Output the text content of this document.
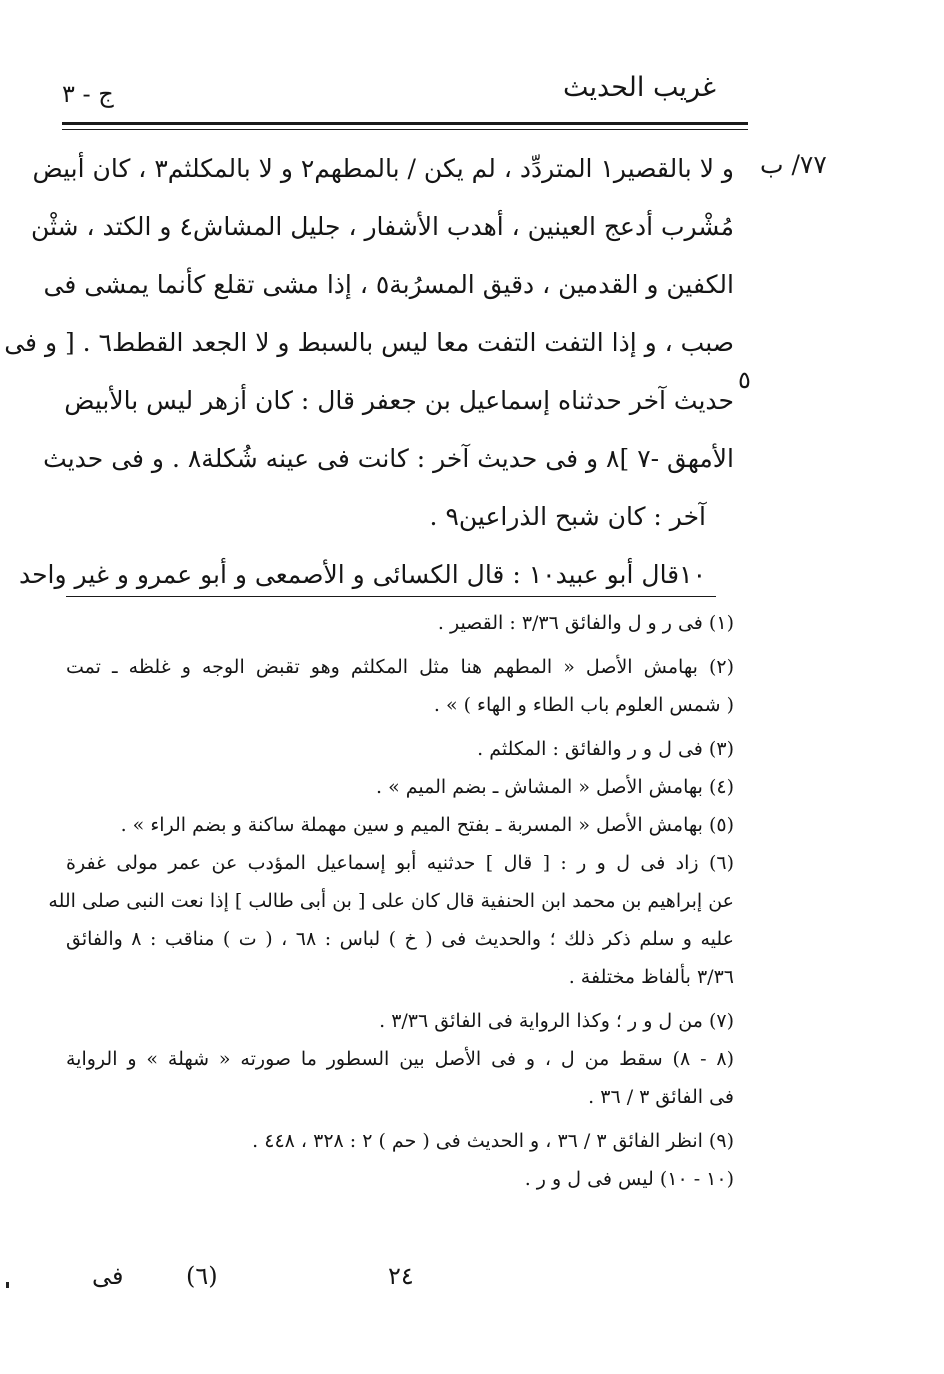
غريب الحديث
ج - ٣
٧٧/ ب
٥
و لا بالقصير١ المتردِّد ، لم يكن / بالمطهم٢ و لا بالمكلثم٣ ، كان أبيض
مُشْرب أدعج العينين ، أهدب الأشفار ، جليل المشاش٤ و الكتد ، شثْن
الكفين و القدمين ، دقيق المسرُبة٥ ، إذا مشى تقلع كأنما يمشى فى
صبب ، و إذا التفت التفت معا ليس بالسبط و لا الجعد القطط٦ . [ و فى
حديث آخر حدثناه إسماعيل بن جعفر قال : كان أزهر ليس بالأبيض
الأمهق -٧ ]٨ و فى حديث آخر : كانت فى عينه شُكلة٨ . و فى حديث
آخر : كان شبح الذراعين٩ .
١٠قال أبو عبيد١٠ : قال الكسائى و الأصمعى و أبو عمرو و غير واحد
(١) فى ر و ل والفائق ٣/٣٦ : القصير .
(٢) بهامش الأصل « المطهم هنا مثل المكلثم وهو تقبض الوجه و غلظه ـ تمت
( شمس العلوم باب الطاء و الهاء ) » .
(٣) فى ل و ر والفائق : المكلثم .
(٤) بهامش الأصل « المشاش ـ بضم الميم » .
(٥) بهامش الأصل « المسربة ـ بفتح الميم و سين مهملة ساكنة و بضم الراء » .
(٦) زاد فى ل و ر : [ قال ] حدثنيه أبو إسماعيل المؤدب عن عمر مولى غفرة
عن إبراهيم بن محمد ابن الحنفية قال كان على [ بن أبى طالب ] إذا نعت النبى صلى الله
عليه و سلم ذكر ذلك ؛ والحديث فى ( خ ) لباس : ٦٨ ، ( ت ) مناقب : ٨ والفائق
٣/٣٦ بألفاظ مختلفة .
(٧) من ل و ر ؛ وكذا الرواية فى الفائق ٣/٣٦ .
(٨ - ٨) سقط من ل ، و فى الأصل بين السطور ما صورته « شهلة » و الرواية
فى الفائق ٣ / ٣٦ .
(٩) انظر الفائق ٣ / ٣٦ ، و الحديث فى ( حم ) ٢ : ٣٢٨ ، ٤٤٨ .
(١٠ - ١٠) ليس فى ل و ر .
فى	(٦)	٢٤
